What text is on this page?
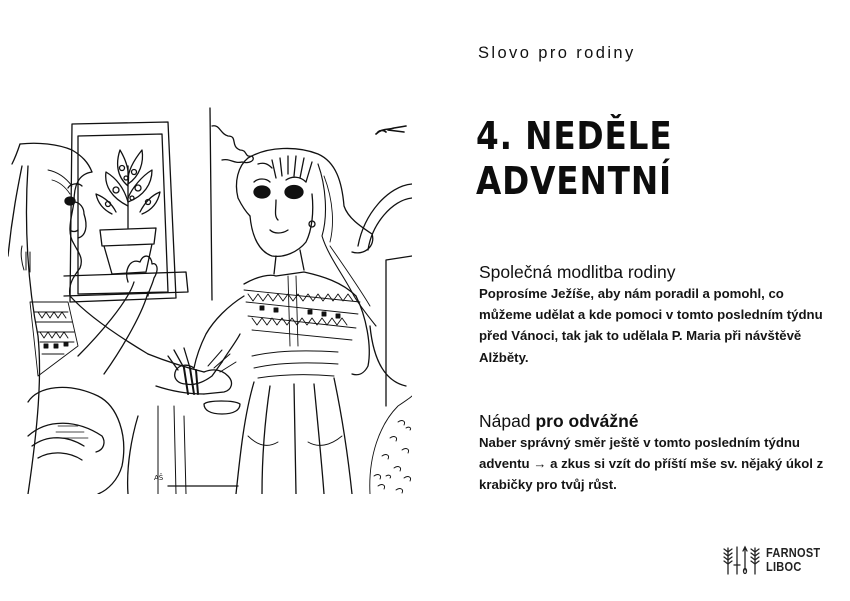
AŠ
Slovo pro rodiny
4. NEDĚLE
ADVENTNÍ
Společná modlitba rodiny

Poprosíme Ježíše, aby nám poradil a pomohl, co můžeme udělat a kde pomoci v tomto posledním týdnu před Vánoci, tak jak to udělala P. Maria při návštěvě Alžběty.

Nápad pro odvážné

Naber správný směr ještě v tomto posledním týdnu adventu → a zkus si vzít do příští mše sv. nějaký úkol z krabičky pro tvůj růst.

FARNOST
LIBOC
